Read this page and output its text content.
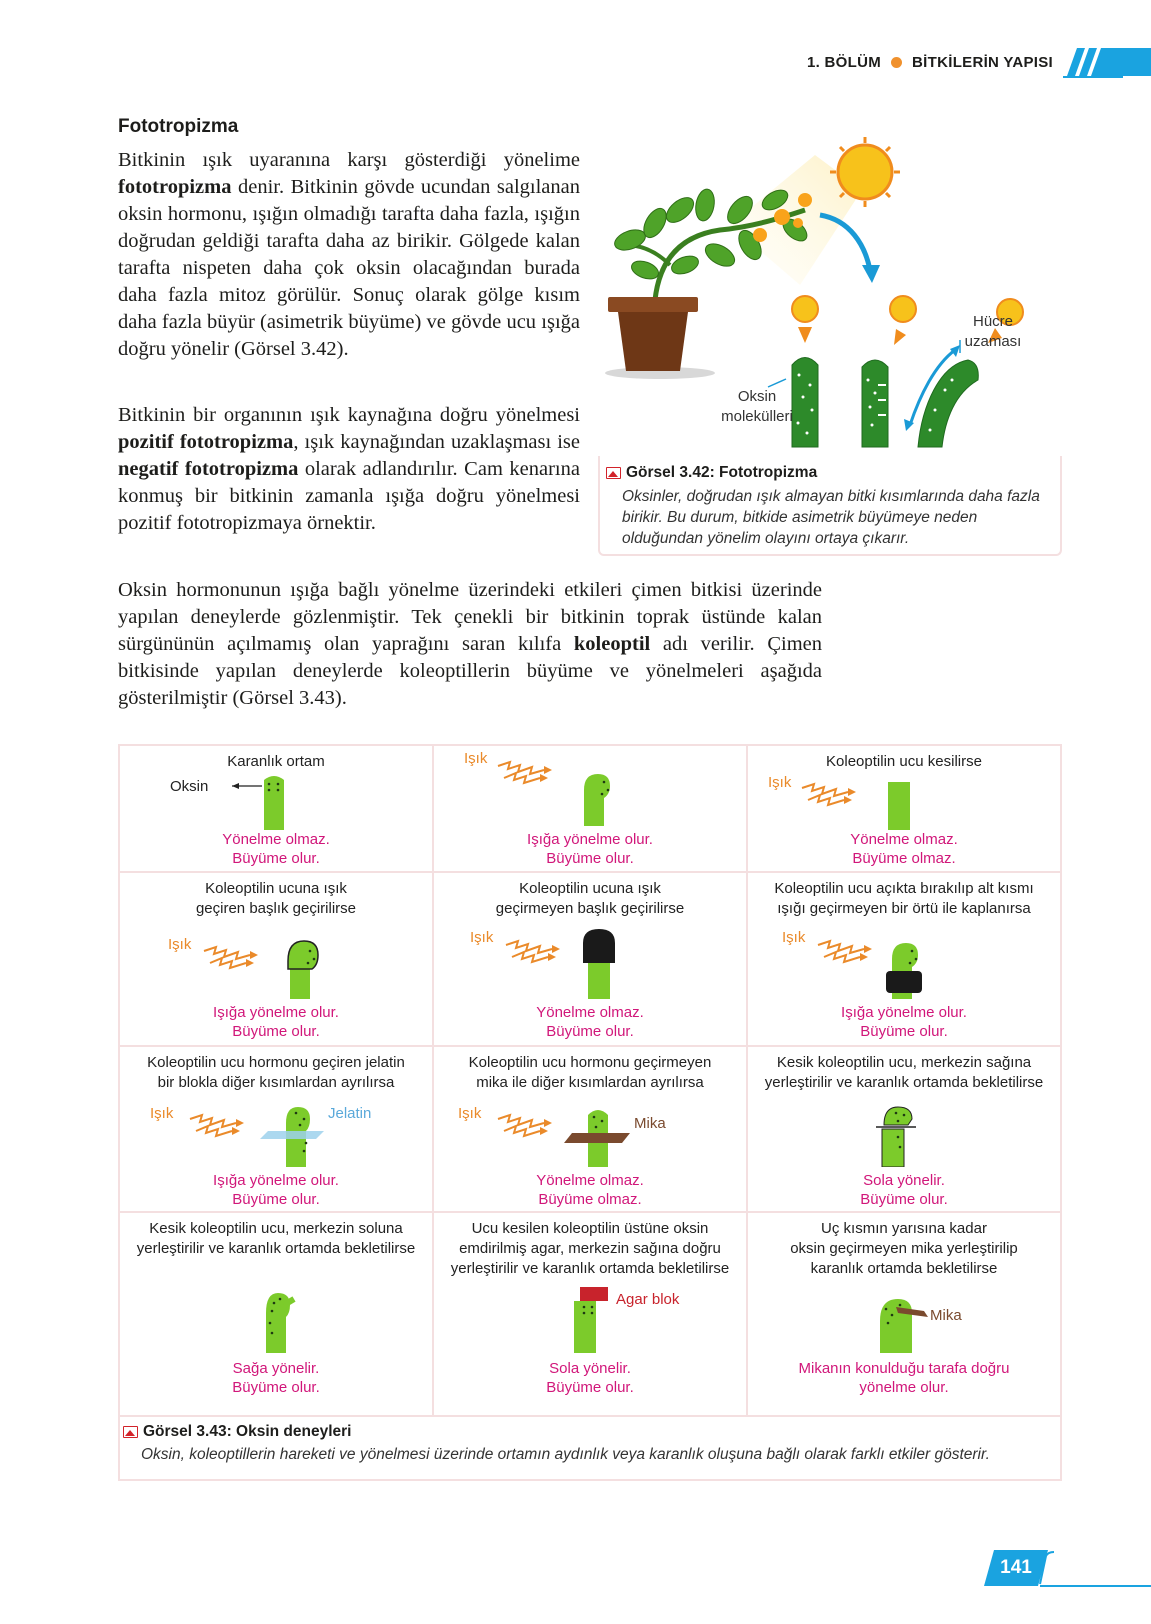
1. BÖLÜM BİTKİLERİN YAPISI
Fototropizma
Bitkinin ışık uyaranına karşı gösterdiği yönelime fototropizma denir. Bitkinin gövde ucundan salgılanan oksin hormonu, ışığın olmadığı tarafta daha fazla, ışığın doğrudan geldiği tarafta daha az birikir. Gölgede kalan tarafta nispeten daha çok oksin olacağından burada daha fazla mitoz görülür. Sonuç olarak gölge kısım daha fazla büyür (asimetrik büyüme) ve gövde ucu ışığa doğru yönelir (Görsel 3.42).
Bitkinin bir organının ışık kaynağına doğru yönelmesi pozitif fototropizma, ışık kaynağından uzaklaşması ise negatif fototropizma olarak adlandırılır. Cam kenarına konmuş bir bitkinin zamanla ışığa doğru yönelmesi pozitif fototropizmaya örnektir.
Oksin hormonunun ışığa bağlı yönelme üzerindeki etkileri çimen bitkisi üzerinde yapılan deneylerde gözlenmiştir. Tek çenekli bir bitkinin toprak üstünde kalan sürgününün açılmamış olan yaprağını saran kılıfa koleoptil adı verilir. Çimen bitkisinde yapılan deneylerde koleoptillerin büyüme ve yönelmeleri aşağıda gösterilmiştir (Görsel 3.43).
Oksin
molekülleri
Hücre
uzaması
Görsel 3.42: Fototropizma
Oksinler, doğrudan ışık almayan bitki kısımlarında daha fazla birikir. Bu durum, bitkide asimetrik büyümeye neden olduğundan yönelim olayını ortaya çıkarır.
Karanlık ortam
Oksin
Yönelme olmaz.
Büyüme olur.
Işık
Işığa yönelme olur.
Büyüme olur.
Koleoptilin ucu kesilirse
Işık
Yönelme olmaz.
Büyüme olmaz.
Koleoptilin ucuna ışık
geçiren başlık geçirilirse
Işık
Işığa yönelme olur.
Büyüme olur.
Koleoptilin ucuna ışık
geçirmeyen başlık geçirilirse
Işık
Yönelme olmaz.
Büyüme olur.
Koleoptilin ucu açıkta bırakılıp alt kısmı
ışığı geçirmeyen bir örtü ile kaplanırsa
Işık
Işığa yönelme olur.
Büyüme olur.
Koleoptilin ucu hormonu geçiren jelatin
bir blokla diğer kısımlardan ayrılırsa
Işık	Jelatin
Işığa yönelme olur.
Büyüme olur.
Koleoptilin ucu hormonu geçirmeyen
mika ile diğer kısımlardan ayrılırsa
Işık
Mika
Yönelme olmaz.
Büyüme olmaz.
Kesik koleoptilin ucu, merkezin sağına
yerleştirilir ve karanlık ortamda bekletilirse
Sola yönelir.
Büyüme olur.
Kesik koleoptilin ucu, merkezin soluna
yerleştirilir ve karanlık ortamda bekletilirse
Sağa yönelir.
Büyüme olur.
Ucu kesilen koleoptilin üstüne oksin
emdirilmiş agar, merkezin sağına doğru
yerleştirilir ve karanlık ortamda bekletilirse
Agar blok
Sola yönelir.
Büyüme olur.
Uç kısmın yarısına kadar
oksin geçirmeyen mika yerleştirilip
karanlık ortamda bekletilirse
Mika
Mikanın konulduğu tarafa doğru
yönelme olur.
Görsel 3.43: Oksin deneyleri
Oksin, koleoptillerin hareketi ve yönelmesi üzerinde ortamın aydınlık veya karanlık oluşuna bağlı olarak farklı etkiler gösterir.
141
